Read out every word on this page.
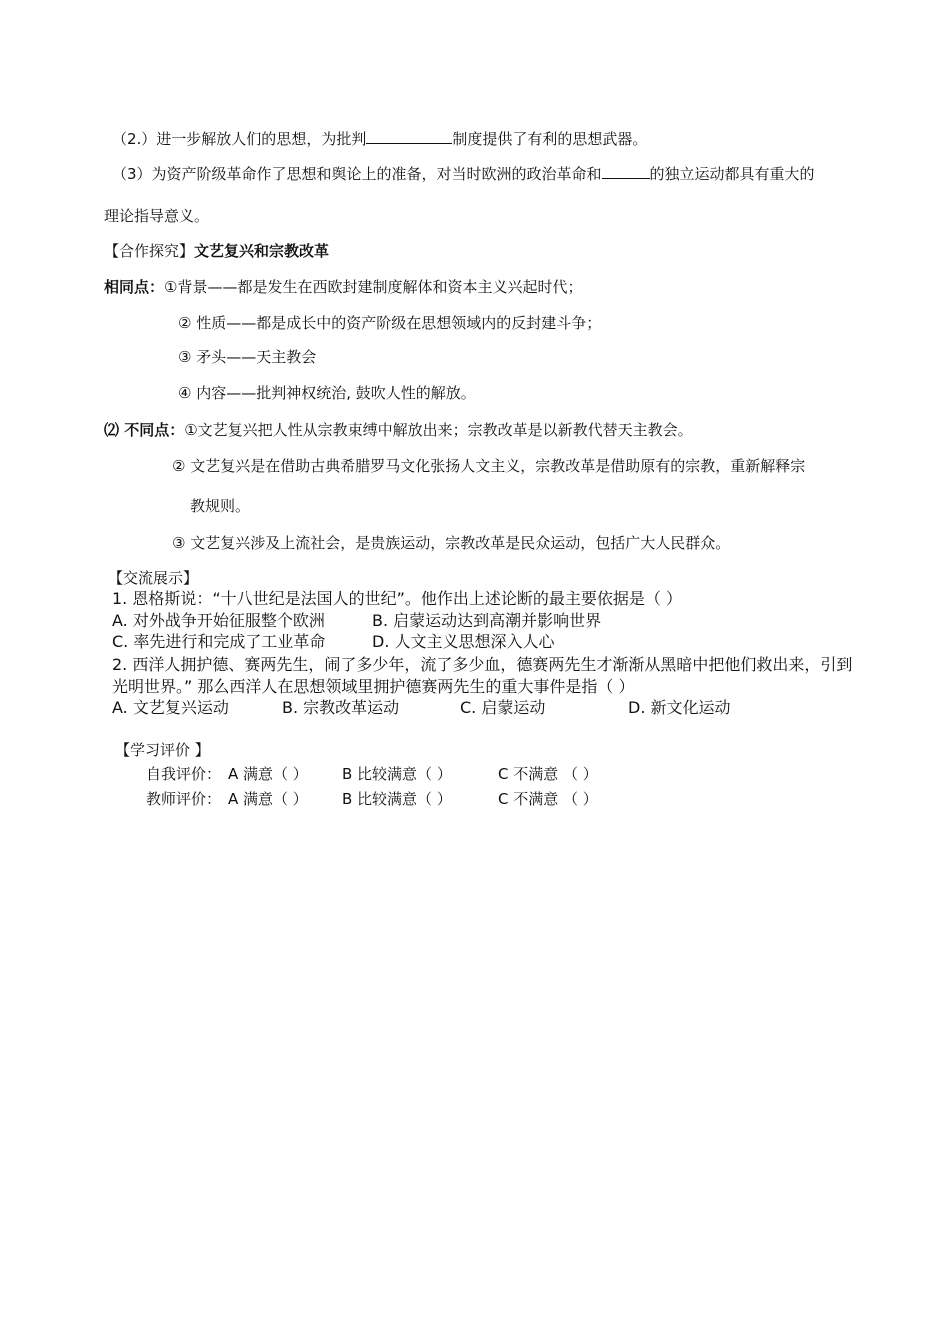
（2.）进一步解放人们的思想，为批判	制度提供了有利的思想武器。
（3）为资产阶级革命作了思想和舆论上的准备，对当时欧洲的政治革命和	的独立运动都具有重大的
理论指导意义。
【合作探究】文艺复兴和宗教改革
相同点：①背景——都是发生在西欧封建制度解体和资本主义兴起时代；
② 性质——都是成长中的资产阶级在思想领域内的反封建斗争；
③ 矛头——天主教会
④ 内容——批判神权统治, 鼓吹人性的解放。
⑵ 不同点：①文艺复兴把人性从宗教束缚中解放出来；宗教改革是以新教代替天主教会。
② 文艺复兴是在借助古典希腊罗马文化张扬人文主义，宗教改革是借助原有的宗教，重新解释宗
教规则。
③ 文艺复兴涉及上流社会，是贵族运动，宗教改革是民众运动，包括广大人民群众。
【交流展示】
1. 恩格斯说：“十八世纪是法国人的世纪”。他作出上述论断的最主要依据是（ ）
A. 对外战争开始征服整个欧洲	B. 启蒙运动达到高潮并影响世界
C. 率先进行和完成了工业革命	D. 人文主义思想深入人心
2. 西洋人拥护德、赛两先生，闹了多少年，流了多少血，德赛两先生才渐渐从黑暗中把他们救出来，引到
光明世界。” 那么西洋人在思想领域里拥护德赛两先生的重大事件是指（ ）
A. 文艺复兴运动	B. 宗教改革运动	C. 启蒙运动	D. 新文化运动
【学习评价 】
自我评价： A 满意（ ） B 比较满意（ ）	C 不满意 （ ）
教师评价： A 满意（ ） B 比较满意（ ）	C 不满意 （ ）
